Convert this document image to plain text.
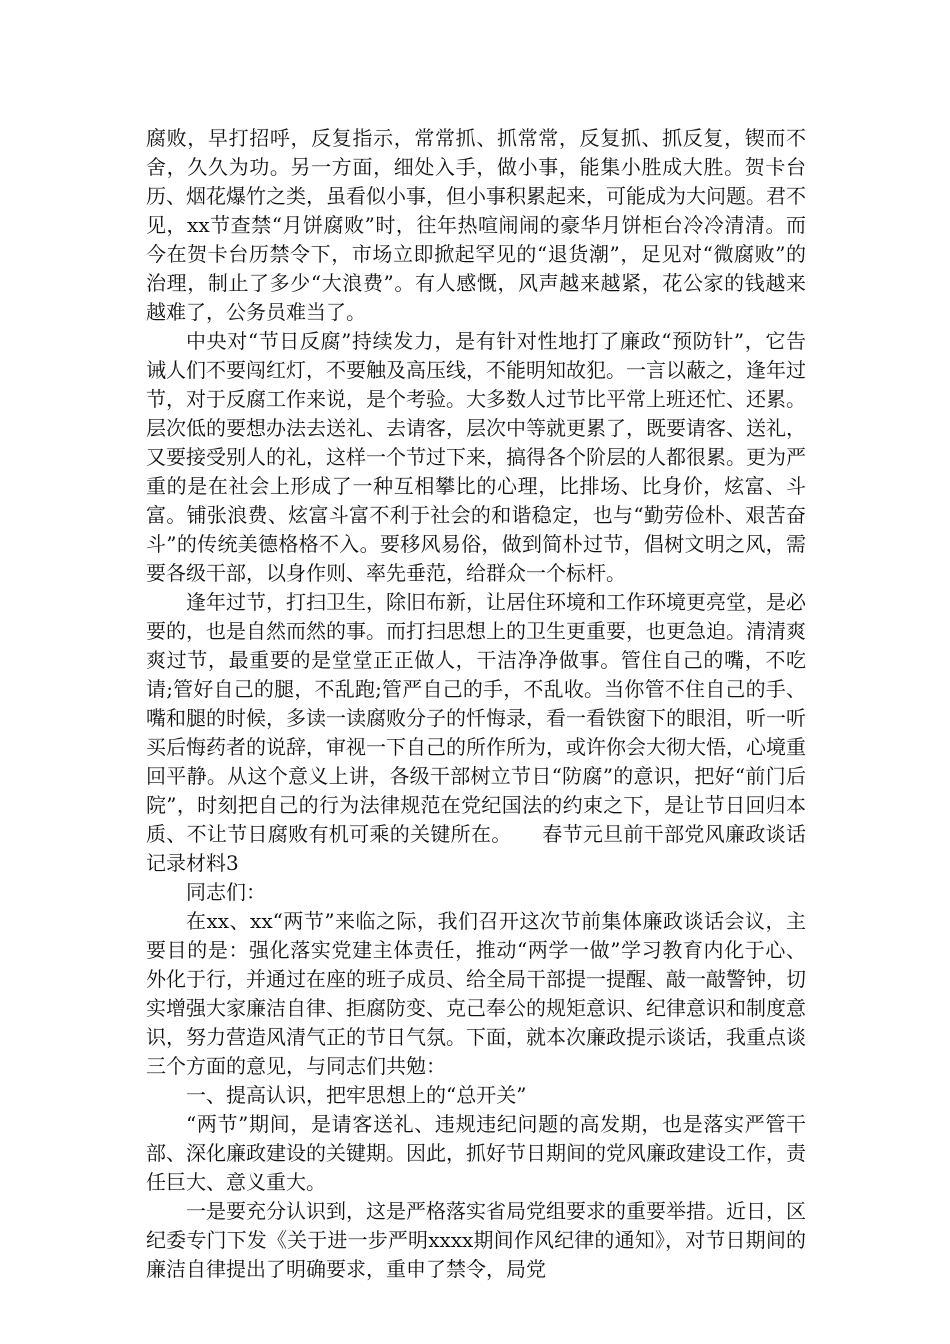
腐败，早打招呼，反复指示，常常抓、抓常常，反复抓、抓反复，锲而不舍，久久为功。另一方面，细处入手，做小事，能集小胜成大胜。贺卡台历、烟花爆竹之类，虽看似小事，但小事积累起来，可能成为大问题。君不见，xx节查禁“月饼腐败”时，往年热喧闹闹的豪华月饼柜台冷冷清清。而今在贺卡台历禁令下，市场立即掀起罕见的“退货潮”，足见对“微腐败”的治理，制止了多少“大浪费”。有人感慨，风声越来越紧，花公家的钱越来越难了，公务员难当了。

中央对“节日反腐”持续发力，是有针对性地打了廉政“预防针”，它告诫人们不要闯红灯，不要触及高压线，不能明知故犯。一言以蔽之，逢年过节，对于反腐工作来说，是个考验。大多数人过节比平常上班还忙、还累。层次低的要想办法去送礼、去请客，层次中等就更累了，既要请客、送礼，又要接受别人的礼，这样一个节过下来，搞得各个阶层的人都很累。更为严重的是在社会上形成了一种互相攀比的心理，比排场、比身价，炫富、斗富。铺张浪费、炫富斗富不利于社会的和谐稳定，也与“勤劳俭朴、艰苦奋斗”的传统美德格格不入。要移风易俗，做到简朴过节，倡树文明之风，需要各级干部，以身作则、率先垂范，给群众一个标杆。

逢年过节，打扫卫生，除旧布新，让居住环境和工作环境更亮堂，是必要的，也是自然而然的事。而打扫思想上的卫生更重要，也更急迫。清清爽爽过节，最重要的是堂堂正正做人，干洁净净做事。管住自己的嘴，不吃请;管好自己的腿，不乱跑;管严自己的手，不乱收。当你管不住自己的手、嘴和腿的时候，多读一读腐败分子的忏悔录，看一看铁窗下的眼泪，听一听买后悔药者的说辞，审视一下自己的所作所为，或许你会大彻大悟，心境重回平静。从这个意义上讲，各级干部树立节日“防腐”的意识，把好“前门后院”，时刻把自己的行为法律规范在党纪国法的约束之下，是让节日回归本质、不让节日腐败有机可乘的关键所在。　　春节元旦前干部党风廉政谈话记录材料3

同志们：

在xx、xx“两节”来临之际，我们召开这次节前集体廉政谈话会议，主要目的是：强化落实党建主体责任，推动“两学一做”学习教育内化于心、外化于行，并通过在座的班子成员、给全局干部提一提醒、敲一敲警钟，切实增强大家廉洁自律、拒腐防变、克己奉公的规矩意识、纪律意识和制度意识，努力营造风清气正的节日气氛。下面，就本次廉政提示谈话，我重点谈三个方面的意见，与同志们共勉：

一、提高认识，把牢思想上的“总开关”

“两节”期间，是请客送礼、违规违纪问题的高发期，也是落实严管干部、深化廉政建设的关键期。因此，抓好节日期间的党风廉政建设工作，责任巨大、意义重大。

一是要充分认识到，这是严格落实省局党组要求的重要举措。近日，区纪委专门下发《关于进一步严明xxxx期间作风纪律的通知》，对节日期间的廉洁自律提出了明确要求，重申了禁令，局党
